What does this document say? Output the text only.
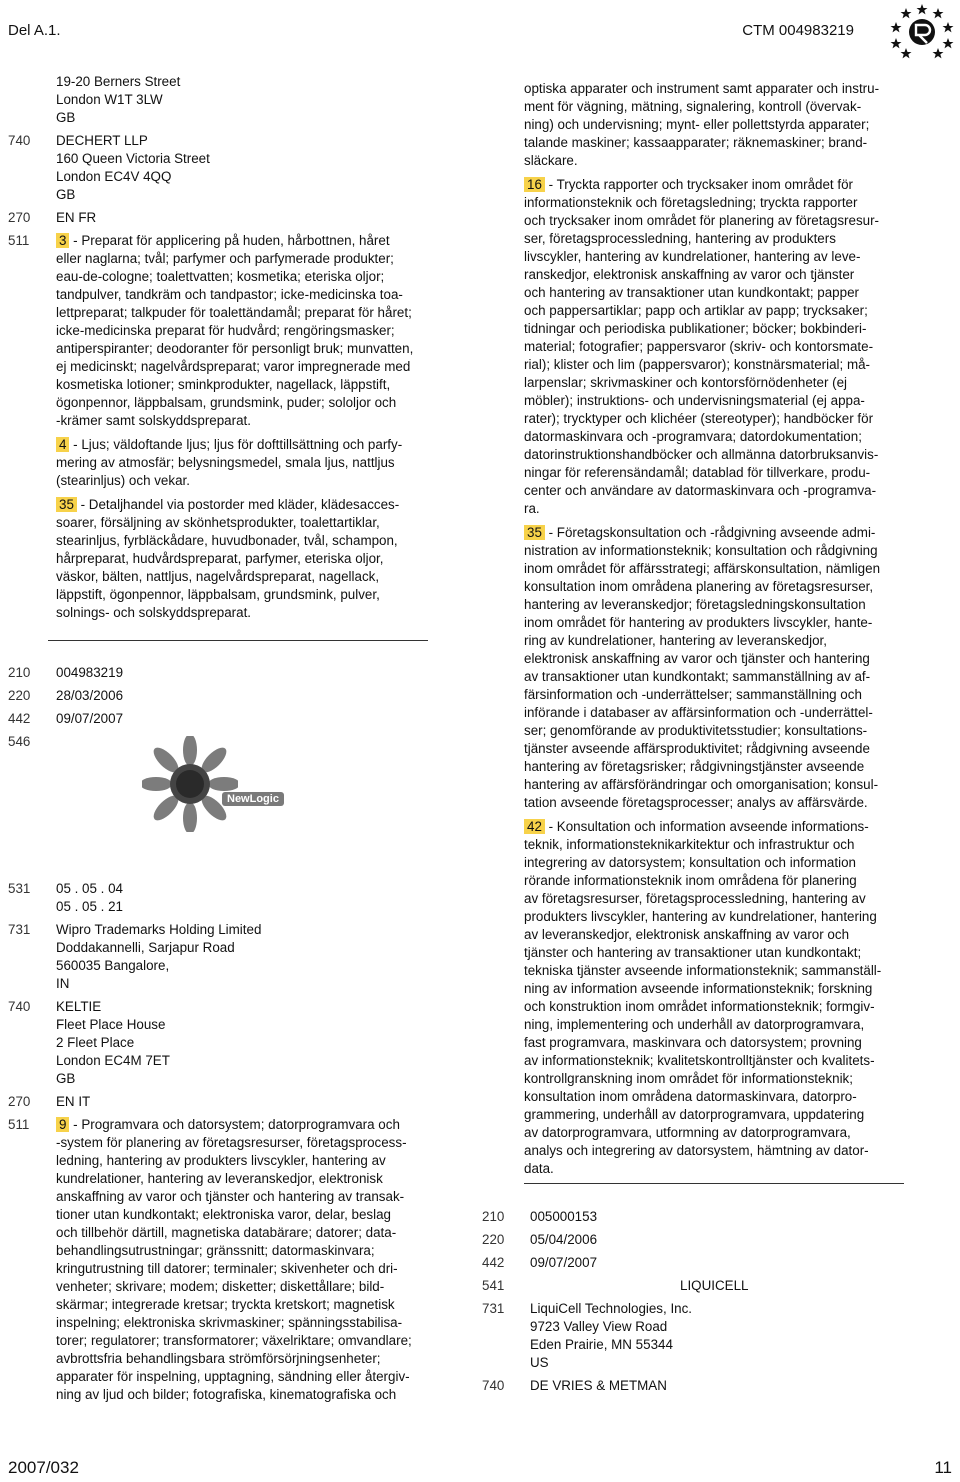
Del A.1.	CTM 004983219
19-20 Berners Street
London W1T 3LW
GB
740	DECHERT LLP
160 Queen Victoria Street
London EC4V 4QQ
GB
270	EN FR
511	3 - Preparat för applicering på huden, hårbottnen, håret
eller naglarna; tvål; parfymer och parfymerade produkter;
eau-de-cologne; toalettvatten; kosmetika; eteriska oljor;
tandpulver, tandkräm och tandpastor; icke-medicinska toa-
lettpreparat; talkpuder för toalettändamål; preparat för håret;
icke-medicinska preparat för hudvård; rengöringsmasker;
antiperspiranter; deodoranter för personligt bruk; munvatten,
ej medicinskt; nagelvårdspreparat; varor impregnerade med
kosmetiska lotioner; sminkprodukter, nagellack, läppstift,
ögonpennor, läppbalsam, grundsmink, puder; sololjor och
-krämer samt solskyddspreparat.
4 - Ljus; väldoftande ljus; ljus för dofttillsättning och parfy-
mering av atmosfär; belysningsmedel, smala ljus, nattljus
(stearinljus) och vekar.
35 - Detaljhandel via postorder med kläder, klädesacces-
soarer, försäljning av skönhetsprodukter, toalettartiklar,
stearinljus, fyrbläckådare, huvudbonader, tvål, schampon,
hårpreparat, hudvårdspreparat, parfymer, eteriska oljor,
väskor, bälten, nattljus, nagelvårdspreparat, nagellack,
läppstift, ögonpennor, läppbalsam, grundsmink, pulver,
solnings- och solskyddspreparat.
210	004983219
220	28/03/2006
442	09/07/2007
546

NewLogic
531	05 . 05 . 04
05 . 05 . 21
731	Wipro Trademarks Holding Limited
Doddakannelli, Sarjapur Road
560035 Bangalore,
IN
740	KELTIE
Fleet Place House
2 Fleet Place
London EC4M 7ET
GB
270	EN IT
511	9 - Programvara och datorsystem; datorprogramvara och
-system för planering av företagsresurser, företagsprocess-
ledning, hantering av produkters livscykler, hantering av
kundrelationer, hantering av leveranskedjor, elektronisk
anskaffning av varor och tjänster och hantering av transak-
tioner utan kundkontakt; elektroniska varor, delar, beslag
och tillbehör därtill, magnetiska databärare; datorer; data-
behandlingsutrustningar; gränssnitt; datormaskinvara;
kringutrustning till datorer; terminaler; skivenheter och dri-
venheter; skrivare; modem; disketter; diskettållare; bild-
skärmar; integrerade kretsar; tryckta kretskort; magnetisk
inspelning; elektroniska skrivmaskiner; spänningsstabilisa-
torer; regulatorer; transformatorer; växelriktare; omvandlare;
avbrottsfria behandlingsbara strömförsörjningsenheter;
apparater för inspelning, upptagning, sändning eller återgiv-
ning av ljud och bilder; fotografiska, kinematografiska och
optiska apparater och instrument samt apparater och instru-
ment för vägning, mätning, signalering, kontroll (övervak-
ning) och undervisning; mynt- eller pollettstyrda apparater;
talande maskiner; kassaapparater; räknemaskiner; brand-
släckare.
16 - Tryckta rapporter och trycksaker inom området för
informationsteknik och företagsledning; tryckta rapporter
och trycksaker inom området för planering av företagsresur-
ser, företagsprocessledning, hantering av produkters
livscykler, hantering av kundrelationer, hantering av leve-
ranskedjor, elektronisk anskaffning av varor och tjänster
och hantering av transaktioner utan kundkontakt; papper
och pappersartiklar; papp och artiklar av papp; trycksaker;
tidningar och periodiska publikationer; böcker; bokbinderi-
material; fotografier; pappersvaror (skriv- och kontorsmate-
rial); klister och lim (pappersvaror); konstnärsmaterial; må-
larpenslar; skrivmaskiner och kontorsförnödenheter (ej
möbler); instruktions- och undervisningsmaterial (ej appa-
rater); trycktyper och klichéer (stereotyper); handböcker för
datormaskinvara och -programvara; datordokumentation;
datorinstruktionshandböcker och allmänna datorbruksanvis-
ningar för referensändamål; datablad för tillverkare, produ-
center och användare av datormaskinvara och -programva-
ra.
35 - Företagskonsultation och -rådgivning avseende admi-
nistration av informationsteknik; konsultation och rådgivning
inom området för affärsstrategi; affärskonsultation, nämligen
konsultation inom områdena planering av företagsresurser,
hantering av leveranskedjor; företagsledningskonsultation
inom området för hantering av produkters livscykler, hante-
ring av kundrelationer, hantering av leveranskedjor,
elektronisk anskaffning av varor och tjänster och hantering
av transaktioner utan kundkontakt; sammanställning av af-
färsinformation och -underrättelser; sammanställning och
införande i databaser av affärsinformation och -underrättel-
ser; genomförande av produktivitetsstudier; konsultations-
tjänster avseende affärsproduktivitet; rådgivning avseende
hantering av företagsrisker; rådgivningstjänster avseende
hantering av affärsförändringar och omorganisation; konsul-
tation avseende företagsprocesser; analys av affärsvärde.
42 - Konsultation och information avseende informations-
teknik, informationsteknikarkitektur och infrastruktur och
integrering av datorsystem; konsultation och information
rörande informationsteknik inom områdena för planering
av företagsresurser, företagsprocessledning, hantering av
produkters livscykler, hantering av kundrelationer, hantering
av leveranskedjor, elektronisk anskaffning av varor och
tjänster och hantering av transaktioner utan kundkontakt;
tekniska tjänster avseende informationsteknik; sammanställ-
ning av information avseende informationsteknik; forskning
och konstruktion inom området informationsteknik; formgiv-
ning, implementering och underhåll av datorprogramvara,
fast programvara, maskinvara och datorsystem; provning
av informationsteknik; kvalitetskontrolltjänster och kvalitets-
kontrollgranskning inom området för informationsteknik;
konsultation inom områdena datormaskinvara, datorpro-
grammering, underhåll av datorprogramvara, uppdatering
av datorprogramvara, utformning av datorprogramvara,
analys och integrering av datorsystem, hämtning av dator-
data.
210	005000153
220	05/04/2006
442	09/07/2007
541	LIQUICELL
731	LiquiCell Technologies, Inc.
9723 Valley View Road
Eden Prairie, MN 55344
US
740	DE VRIES & METMAN
2007/032	11
